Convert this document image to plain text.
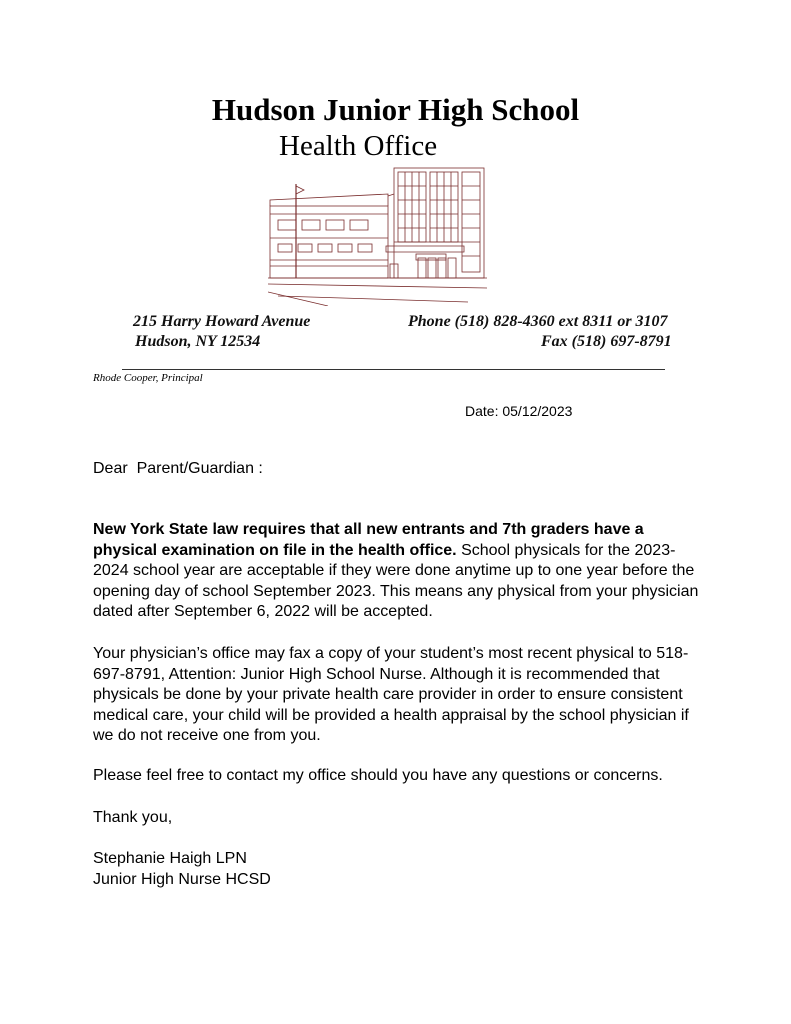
Hudson Junior High School
Health Office
215 Harry Howard Avenue
Hudson, NY 12534
Phone (518) 828-4360 ext 8311 or 3107
Fax (518) 697-8791
Rhode Cooper, Principal
Date: 05/12/2023
Dear  Parent/Guardian :

New York State law requires that all new entrants and 7th graders have a physical examination on file in the health office. School physicals for the 2023-2024 school year are acceptable if they were done anytime up to one year before the opening day of school September 2023. This means any physical from your physician dated after September 6, 2022 will be accepted.

Your physician’s office may fax a copy of your student’s most recent physical to 518-697-8791, Attention: Junior High School Nurse. Although it is recommended that physicals be done by your private health care provider in order to ensure consistent medical care, your child will be provided a health appraisal by the school physician if we do not receive one from you.

Please feel free to contact my office should you have any questions or concerns.

Thank you,

Stephanie Haigh LPN

Junior High Nurse HCSD
